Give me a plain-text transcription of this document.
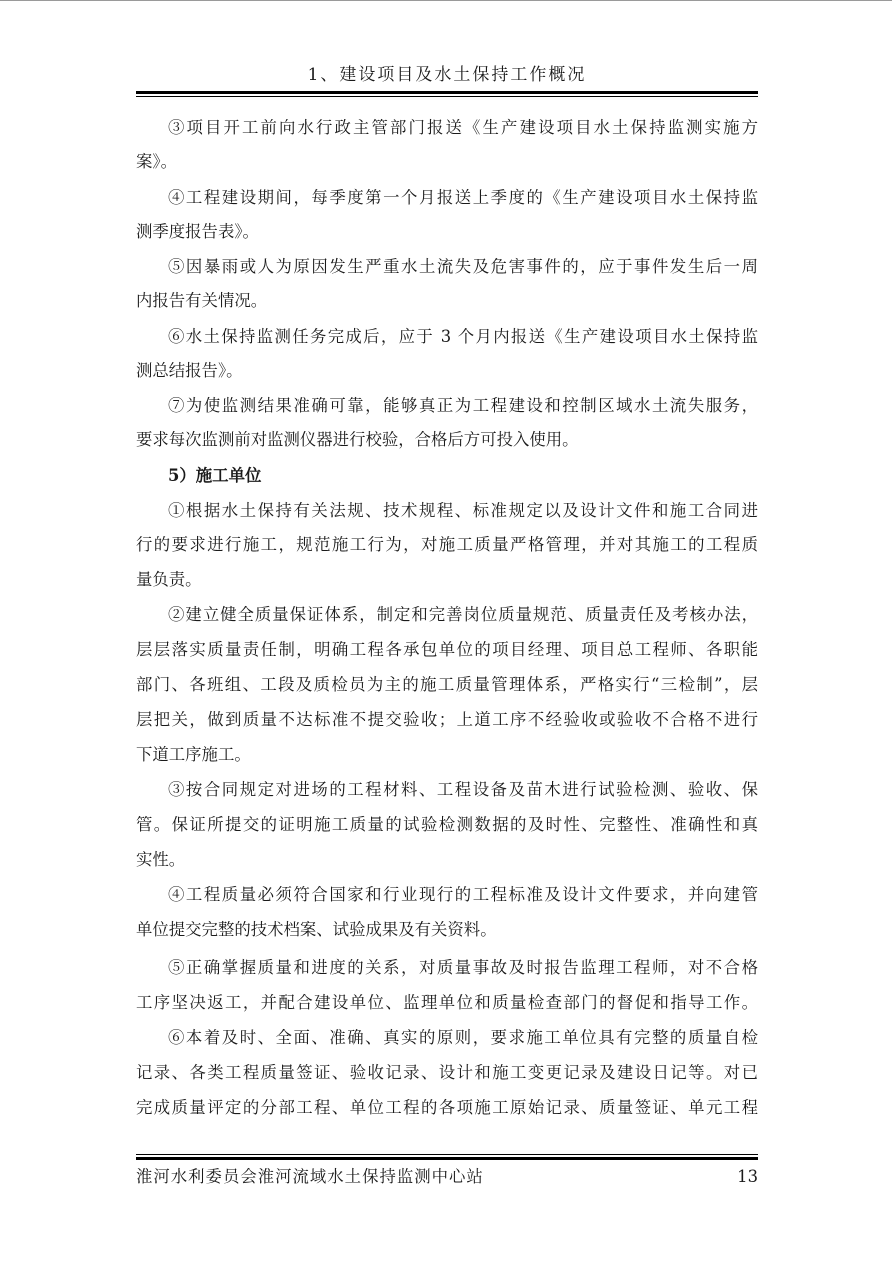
1、建设项目及水土保持工作概况
③项目开工前向水行政主管部门报送《生产建设项目水土保持监测实施方
案》。
④工程建设期间，每季度第一个月报送上季度的《生产建设项目水土保持监
测季度报告表》。
⑤因暴雨或人为原因发生严重水土流失及危害事件的，应于事件发生后一周
内报告有关情况。
⑥水土保持监测任务完成后，应于 3 个月内报送《生产建设项目水土保持监
测总结报告》。
⑦为使监测结果准确可靠，能够真正为工程建设和控制区域水土流失服务，
要求每次监测前对监测仪器进行校验，合格后方可投入使用。
5）施工单位
①根据水土保持有关法规、技术规程、标准规定以及设计文件和施工合同进
行的要求进行施工，规范施工行为，对施工质量严格管理，并对其施工的工程质
量负责。
②建立健全质量保证体系，制定和完善岗位质量规范、质量责任及考核办法，
层层落实质量责任制，明确工程各承包单位的项目经理、项目总工程师、各职能
部门、各班组、工段及质检员为主的施工质量管理体系，严格实行“三检制”，层
层把关，做到质量不达标准不提交验收；上道工序不经验收或验收不合格不进行
下道工序施工。
③按合同规定对进场的工程材料、工程设备及苗木进行试验检测、验收、保
管。保证所提交的证明施工质量的试验检测数据的及时性、完整性、准确性和真
实性。
④工程质量必须符合国家和行业现行的工程标准及设计文件要求，并向建管
单位提交完整的技术档案、试验成果及有关资料。
⑤正确掌握质量和进度的关系，对质量事故及时报告监理工程师，对不合格
工序坚决返工，并配合建设单位、监理单位和质量检查部门的督促和指导工作。
⑥本着及时、全面、准确、真实的原则，要求施工单位具有完整的质量自检
记录、各类工程质量签证、验收记录、设计和施工变更记录及建设日记等。对已
完成质量评定的分部工程、单位工程的各项施工原始记录、质量签证、单元工程
淮河水利委员会淮河流域水土保持监测中心站	13
